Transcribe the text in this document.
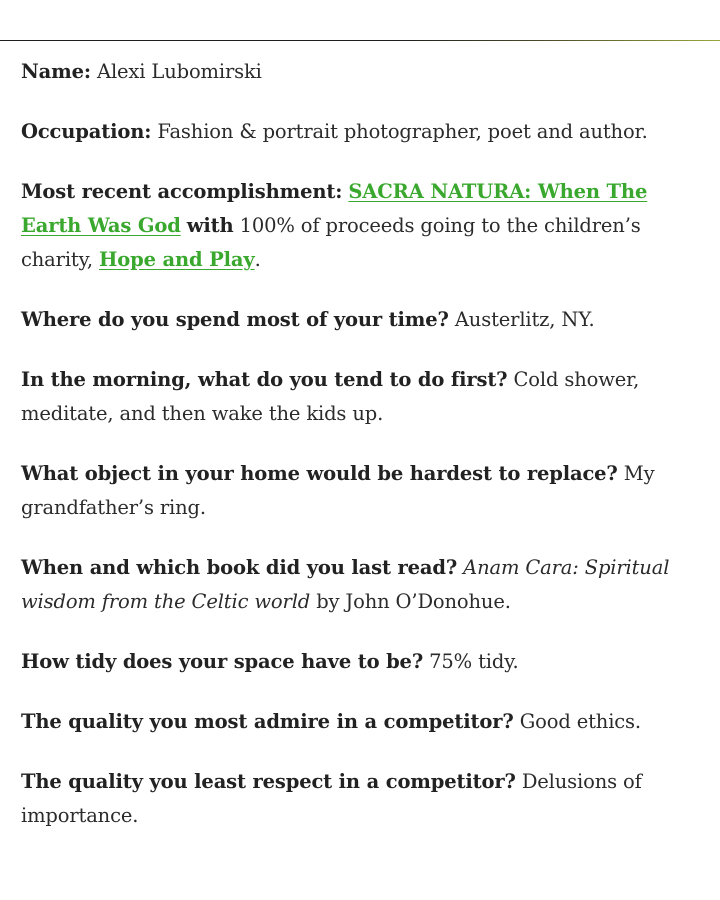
Name: Alexi Lubomirski

Occupation: Fashion & portrait photographer, poet and author.

Most recent accomplishment: SACRA NATURA: When The Earth Was God with 100% of proceeds going to the children’s charity, Hope and Play.

Where do you spend most of your time? Austerlitz, NY.

In the morning, what do you tend to do first? Cold shower, meditate, and then wake the kids up.

What object in your home would be hardest to replace? My grandfather’s ring.

When and which book did you last read? Anam Cara: Spiritual wisdom from the Celtic world by John O’Donohue.

How tidy does your space have to be? 75% tidy.

The quality you most admire in a competitor? Good ethics.

The quality you least respect in a competitor? Delusions of importance.
